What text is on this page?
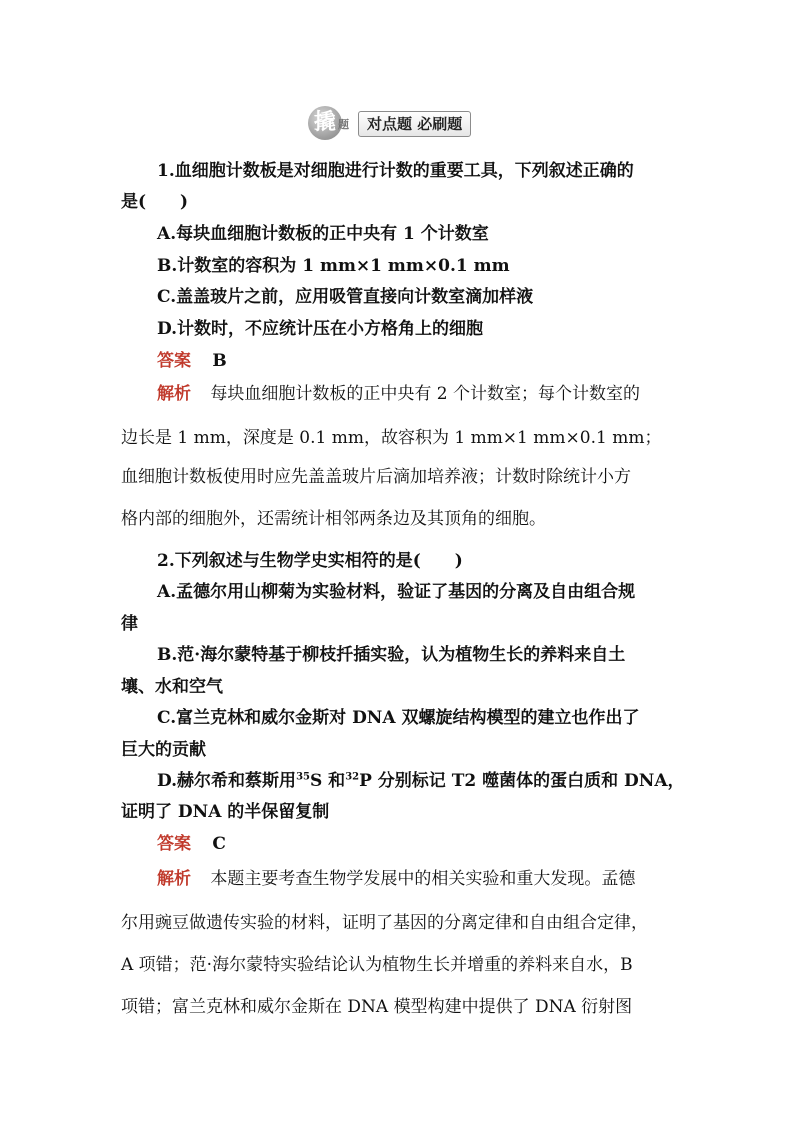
撬 题	对点题 必刷题
1.血细胞计数板是对细胞进行计数的重要工具，下列叙述正确的
是(　　)
A.每块血细胞计数板的正中央有 1 个计数室
B.计数室的容积为 1 mm×1 mm×0.1 mm
C.盖盖玻片之前，应用吸管直接向计数室滴加样液
D.计数时，不应统计压在小方格角上的细胞
答案 B
解析 每块血细胞计数板的正中央有 2 个计数室；每个计数室的
边长是 1 mm，深度是 0.1 mm，故容积为 1 mm×1 mm×0.1 mm；
血细胞计数板使用时应先盖盖玻片后滴加培养液；计数时除统计小方
格内部的细胞外，还需统计相邻两条边及其顶角的细胞。
2.下列叙述与生物学史实相符的是(　　)
A.孟德尔用山柳菊为实验材料，验证了基因的分离及自由组合规
律
B.范·海尔蒙特基于柳枝扦插实验，认为植物生长的养料来自土
壤、水和空气
C.富兰克林和威尔金斯对 DNA 双螺旋结构模型的建立也作出了
巨大的贡献
D.赫尔希和蔡斯用$^{35}$S 和$^{32}$P 分别标记 T2 噬菌体的蛋白质和 DNA，
证明了 DNA 的半保留复制
答案 C
解析 本题主要考查生物学发展中的相关实验和重大发现。孟德
尔用豌豆做遗传实验的材料，证明了基因的分离定律和自由组合定律，
A 项错；范·海尔蒙特实验结论认为植物生长并增重的养料来自水，B
项错；富兰克林和威尔金斯在 DNA 模型构建中提供了 DNA 衍射图
